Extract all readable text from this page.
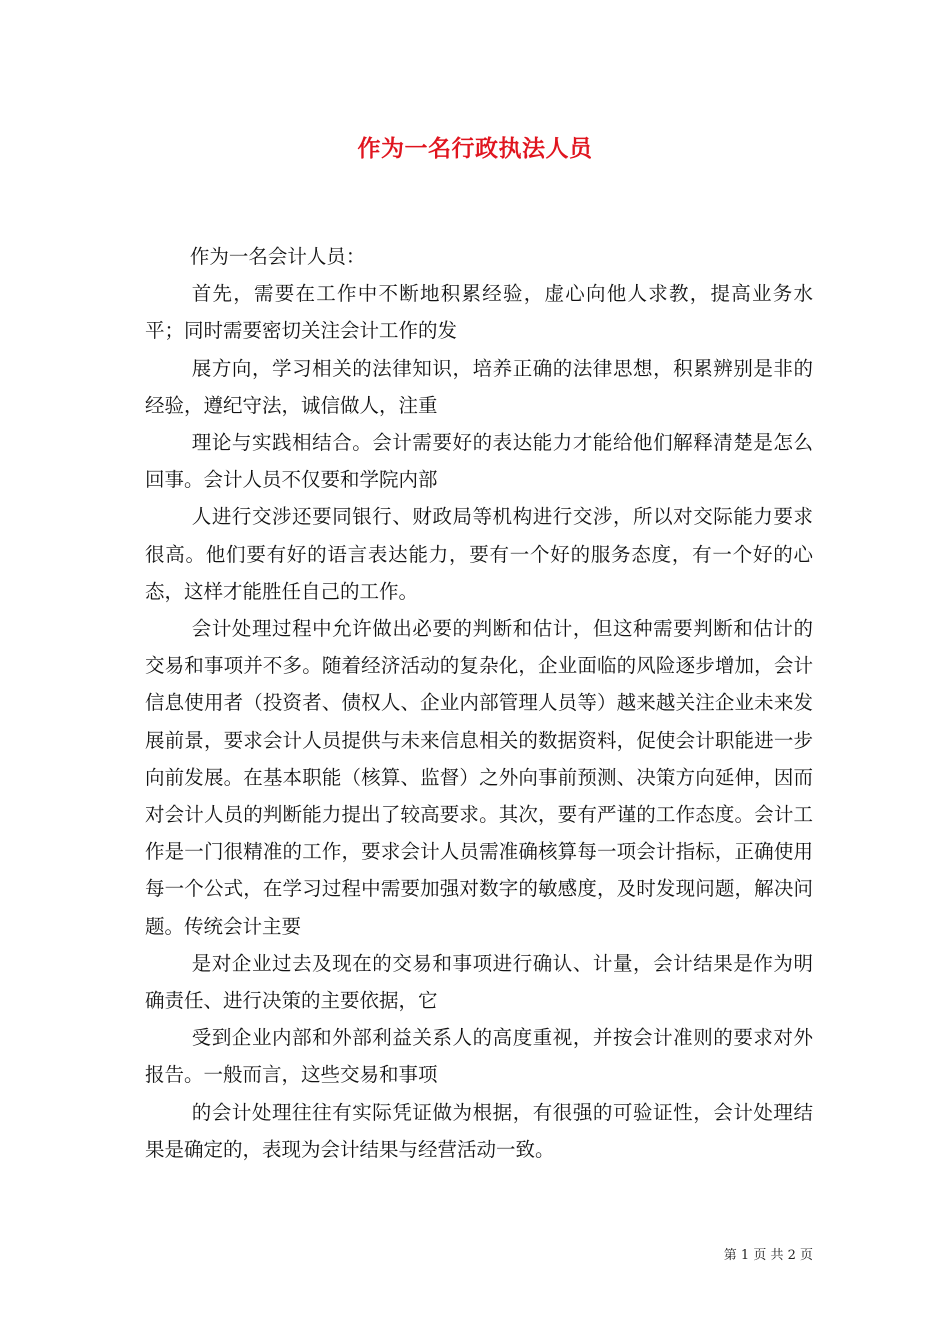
作为一名行政执法人员

作为一名会计人员：

首先，需要在工作中不断地积累经验，虚心向他人求教，提高业务水平；同时需要密切关注会计工作的发

展方向，学习相关的法律知识，培养正确的法律思想，积累辨别是非的经验，遵纪守法，诚信做人，注重

理论与实践相结合。会计需要好的表达能力才能给他们解释清楚是怎么回事。会计人员不仅要和学院内部

人进行交涉还要同银行、财政局等机构进行交涉，所以对交际能力要求很高。他们要有好的语言表达能力，要有一个好的服务态度，有一个好的心态，这样才能胜任自己的工作。

会计处理过程中允许做出必要的判断和估计，但这种需要判断和估计的交易和事项并不多。随着经济活动的复杂化，企业面临的风险逐步增加，会计信息使用者（投资者、债权人、企业内部管理人员等）越来越关注企业未来发展前景，要求会计人员提供与未来信息相关的数据资料，促使会计职能进一步向前发展。在基本职能（核算、监督）之外向事前预测、决策方向延伸，因而对会计人员的判断能力提出了较高要求。其次，要有严谨的工作态度。会计工作是一门很精准的工作，要求会计人员需准确核算每一项会计指标，正确使用每一个公式，在学习过程中需要加强对数字的敏感度，及时发现问题，解决问题。传统会计主要

是对企业过去及现在的交易和事项进行确认、计量，会计结果是作为明确责任、进行决策的主要依据，它

受到企业内部和外部利益关系人的高度重视，并按会计准则的要求对外报告。一般而言，这些交易和事项

的会计处理往往有实际凭证做为根据，有很强的可验证性，会计处理结果是确定的，表现为会计结果与经营活动一致。

第 1 页 共 2 页
